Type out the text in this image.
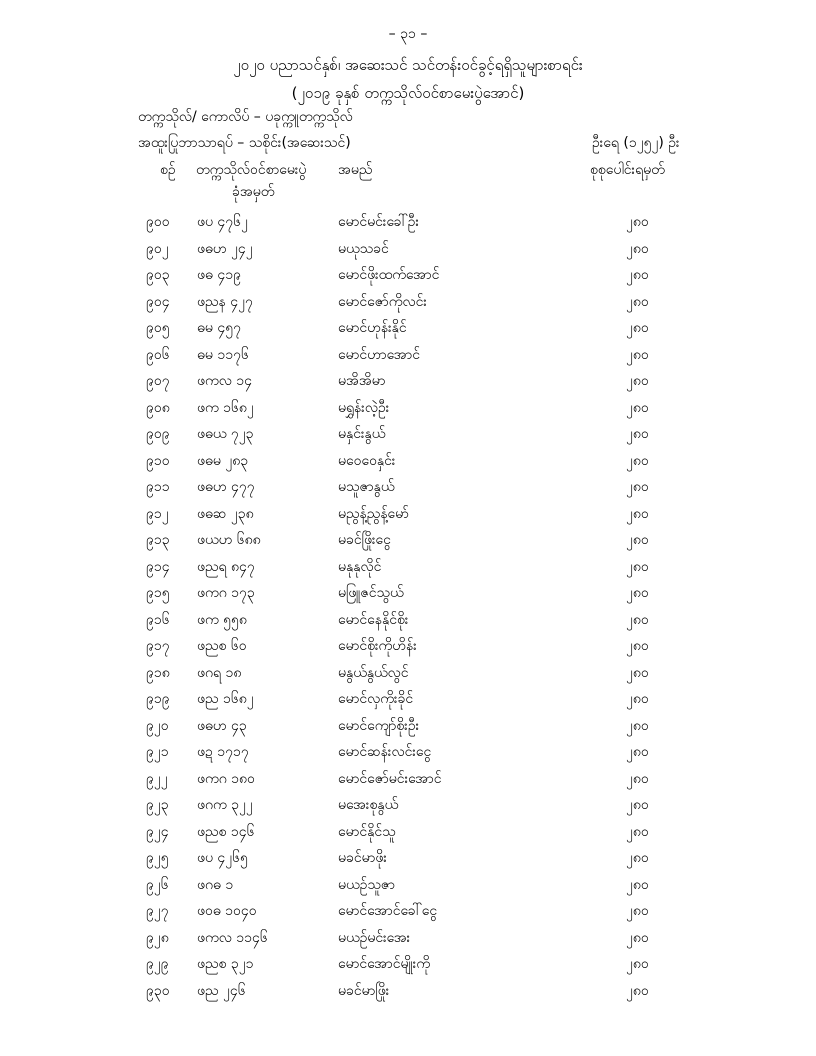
– ၃၁ –
၂၀၂၀ ပညာသင်နှစ်၊ အဆေးသင် သင်တန်းဝင်ခွင့်ရရှိသူများစာရင်း
(၂၀၁၉ ခုနှစ် တက္ကသိုလ်ဝင်စာမေးပွဲအောင်)
တက္ကသိုလ်/ ကောလိပ် – ပခုက္ကူတက္ကသိုလ်
အထူးပြုဘာသာရပ် – သစိုင်း(အဆေးသင်)	ဦးရေ (၁၂၅၂) ဦး
စဉ် တက္ကသိုလ်ဝင်စာမေးပွဲ
ခုံအမှတ်
အမည်	စုစုပေါင်းရမှတ်
၉၀၀ ဖပ ၄၇၆၂	မောင်မင်းခေါ်ဦး	၂၈၀
၉၀၂ ဖဓဟ ၂၄၂	မယုသခင်	၂၈၀
၉၀၃ ဖဓ ၄၁၉	မောင်ဖိုးထက်အောင်	၂၈၀
၉၀၄ ဖညန ၄၂၇	မောင်ဇော်ကိုလင်း	၂၈၀
၉၀၅ ဓမ ၄၅၇	မောင်ဟုန်းနိုင်	၂၈၀
၉၀၆ ဓမ ၁၁၇၆	မောင်ဟာအောင်	၂၈၀
၉၀၇ ဖကလ ၁၄	မအိအိမာ	၂၈၀
၉၀၈ ဖက ၁၆၈၂	မရွှန်းလဲ့ဦး	၂၈၀
၉၀၉ ဖဓယ ၇၂၃	မနှင်းနွယ်	၂၈၀
၉၁၀ ဖဓမ ၂၈၃	မဝေဝေနှင်း	၂၈၀
၉၁၁ ဖဓဟ ၄၇၇	မသူဇာနွယ်	၂၈၀
၉၁၂ ဖဓဆ ၂၃၈	မညွန့်ညွန့်မော်	၂၈၀
၉၁၃ ဖယဟ ၆၈၈	မခင်ဖြိုးငွေ	၂၈၀
၉၁၄ ဖညရ ၈၄၇	မနုနုလိုင်	၂၈၀
၉၁၅ ဖကဂ ၁၇၃	မဖြူဇင်သွယ်	၂၈၀
၉၁၆ ဖက ၅၅၈	မောင်နေနိုင်စိုး	၂၈၀
၉၁၇ ဖညစ ၆၀	မောင်စိုးကိုဟိန်း	၂၈၀
၉၁၈ ဖဂရ ၁၈	မနွယ်နွယ်လွင်	၂၈၀
၉၁၉ ဖည ၁၆၈၂	မောင်လှကိုးခိုင်	၂၈၀
၉၂၀ ဖဓဟ ၄၃	မောင်ကျော်စိုးဦး	၂၈၀
၉၂၁ ဖဍ ၁၇၁၇	မောင်ဆန်းလင်းငွေ	၂၈၀
၉၂၂ ဖကဂ ၁၈၀	မောင်ဇော်မင်းအောင်	၂၈၀
၉၂၃ ဖဂက ၃၂၂	မအေးစုနွယ်	၂၈၀
၉၂၄ ဖညစ ၁၄၆	မောင်နိုင်သူ	၂၈၀
၉၂၅ ဖပ ၄၂၆၅	မခင်မာဖိုး	၂၈၀
၉၂၆ ဖဂဓ ၁	မယဉ်သူဇာ	၂၈၀
၉၂၇ ဖဝဓ ၁၀၄၀	မောင်အောင်ခေါ်ငွေ	၂၈၀
၉၂၈ ဖကလ ၁၁၄၆	မယဉ်မင်းအေး	၂၈၀
၉၂၉ ဖညစ ၃၂၁	မောင်အောင်မျိုးကို	၂၈၀
၉၃၀ ဖည ၂၄၆	မခင်မာဖြိုး	၂၈၀
